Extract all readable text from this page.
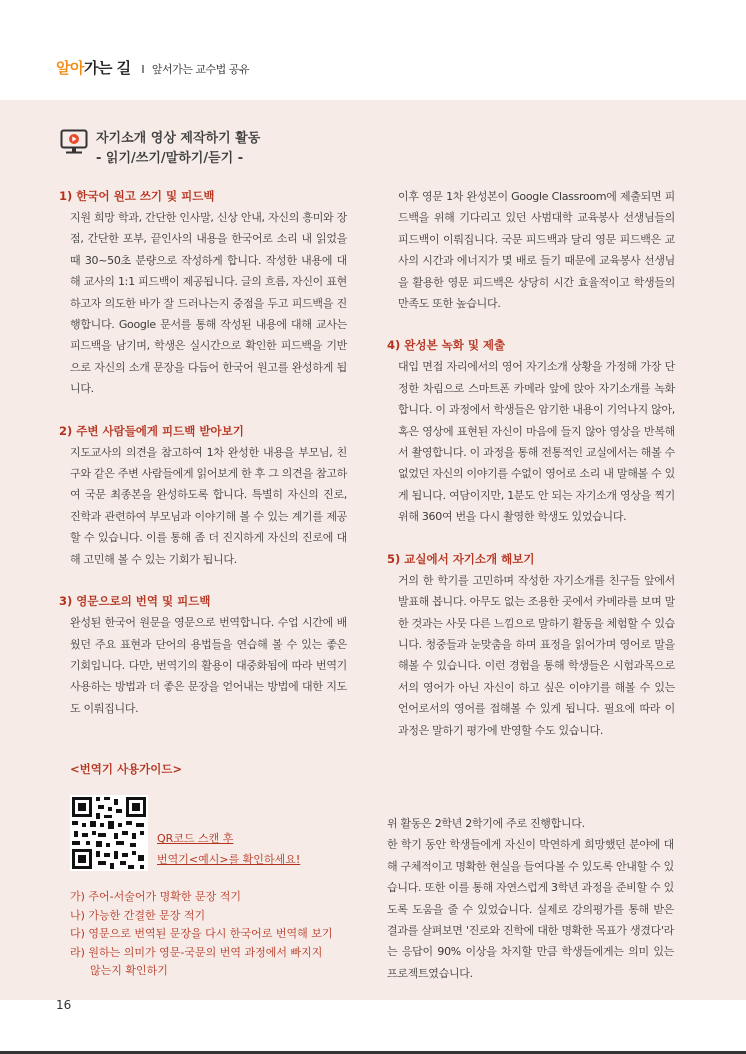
알아가는 길 I 앞서가는 교수법 공유
자기소개 영상 제작하기 활동
- 읽기/쓰기/말하기/듣기 -
1) 한국어 원고 쓰기 및 피드백
지원 희망 학과, 간단한 인사말, 신상 안내, 자신의 흥미와 장점, 간단한 포부, 끝인사의 내용을 한국어로 소리 내 읽었을 때 30~50초 분량으로 작성하게 합니다. 작성한 내용에 대해 교사의 1:1 피드백이 제공됩니다. 글의 흐름, 자신이 표현하고자 의도한 바가 잘 드러나는지 중점을 두고 피드백을 진행합니다. Google 문서를 통해 작성된 내용에 대해 교사는 피드백을 남기며, 학생은 실시간으로 확인한 피드백을 기반으로 자신의 소개 문장을 다듬어 한국어 원고를 완성하게 됩니다.
2) 주변 사람들에게 피드백 받아보기
지도교사의 의견을 참고하여 1차 완성한 내용을 부모님, 친구와 같은 주변 사람들에게 읽어보게 한 후 그 의견을 참고하여 국문 최종본을 완성하도록 합니다. 특별히 자신의 진로, 진학과 관련하여 부모님과 이야기해 볼 수 있는 계기를 제공할 수 있습니다. 이를 통해 좀 더 진지하게 자신의 진로에 대해 고민해 볼 수 있는 기회가 됩니다.
3) 영문으로의 번역 및 피드백
완성된 한국어 원문을 영문으로 번역합니다. 수업 시간에 배웠던 주요 표현과 단어의 용법들을 연습해 볼 수 있는 좋은 기회입니다. 다만, 번역기의 활용이 대중화됨에 따라 번역기 사용하는 방법과 더 좋은 문장을 얻어내는 방법에 대한 지도도 이뤄집니다.
<번역기 사용가이드>
QR코드 스캔 후
번역기<예시>를 확인하세요!
가) 주어-서술어가 명확한 문장 적기
나) 가능한 간결한 문장 적기
다) 영문으로 번역된 문장을 다시 한국어로 번역해 보기
라) 원하는 의미가 영문-국문의 번역 과정에서 빠지지
않는지 확인하기
이후 영문 1차 완성본이 Google Classroom에 제출되면 피드백을 위해 기다리고 있던 사범대학 교육봉사 선생님들의 피드백이 이뤄집니다. 국문 피드백과 달리 영문 피드백은 교사의 시간과 에너지가 몇 배로 들기 때문에 교육봉사 선생님을 활용한 영문 피드백은 상당히 시간 효율적이고 학생들의 만족도 또한 높습니다.
4) 완성본 녹화 및 제출
대입 면접 자리에서의 영어 자기소개 상황을 가정해 가장 단정한 차림으로 스마트폰 카메라 앞에 앉아 자기소개를 녹화합니다. 이 과정에서 학생들은 암기한 내용이 기억나지 않아, 혹은 영상에 표현된 자신이 마음에 들지 않아 영상을 반복해서 촬영합니다. 이 과정을 통해 전통적인 교실에서는 해볼 수 없었던 자신의 이야기를 수없이 영어로 소리 내 말해볼 수 있게 됩니다. 여담이지만, 1분도 안 되는 자기소개 영상을 찍기 위해 360여 번을 다시 촬영한 학생도 있었습니다.
5) 교실에서 자기소개 해보기
거의 한 학기를 고민하며 작성한 자기소개를 친구들 앞에서 발표해 봅니다. 아무도 없는 조용한 곳에서 카메라를 보며 말한 것과는 사뭇 다른 느낌으로 말하기 활동을 체험할 수 있습니다. 청중들과 눈맞춤을 하며 표정을 읽어가며 영어로 말을 해볼 수 있습니다. 이런 경험을 통해 학생들은 시험과목으로서의 영어가 아닌 자신이 하고 싶은 이야기를 해볼 수 있는 언어로서의 영어를 접해볼 수 있게 됩니다. 필요에 따라 이 과정은 말하기 평가에 반영할 수도 있습니다.
위 활동은 2학년 2학기에 주로 진행합니다.
한 학기 동안 학생들에게 자신이 막연하게 희망했던 분야에 대해 구체적이고 명확한 현실을 들여다볼 수 있도록 안내할 수 있습니다. 또한 이를 통해 자연스럽게 3학년 과정을 준비할 수 있도록 도움을 줄 수 있었습니다. 실제로 강의평가를 통해 받은 결과를 살펴보면 '진로와 진학에 대한 명확한 목표가 생겼다'라는 응답이 90% 이상을 차지할 만큼 학생들에게는 의미 있는 프로젝트였습니다.
16
